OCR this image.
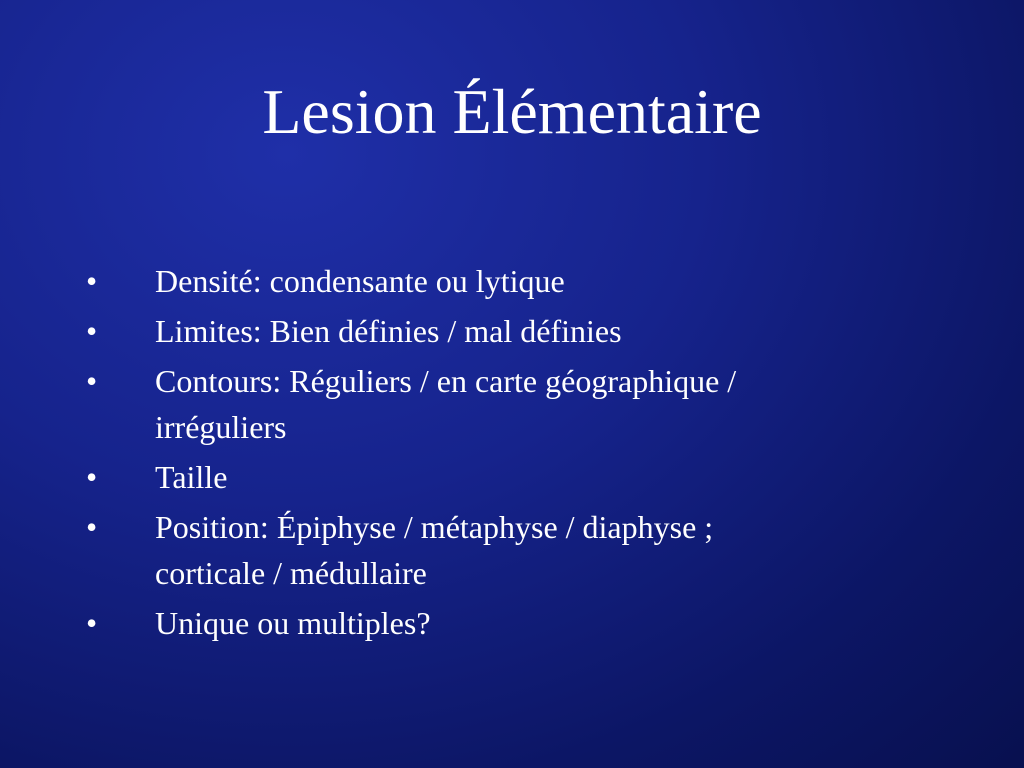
Lesion Élémentaire
•	Densité: condensante ou lytique
•	Limites: Bien définies / mal définies
•	Contours: Réguliers / en carte géographique /
irréguliers
•	Taille
•	Position: Épiphyse / métaphyse / diaphyse ;
corticale / médullaire
•	Unique ou multiples?
